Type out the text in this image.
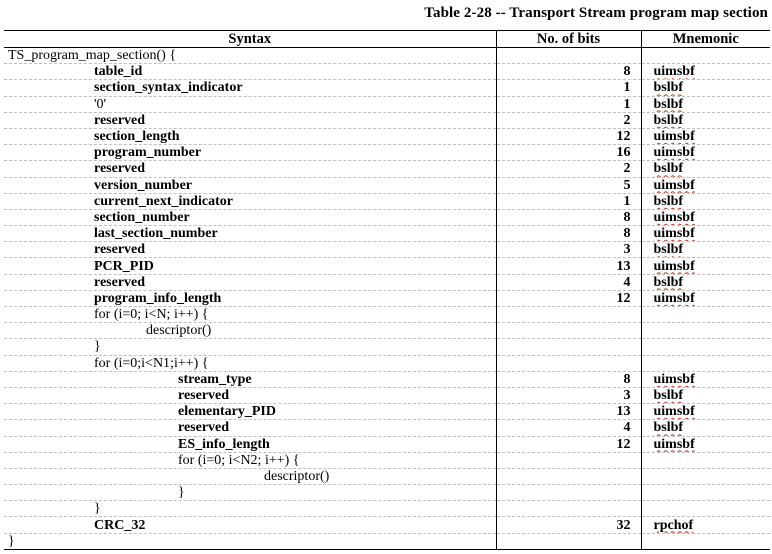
Table 2-28 -- Transport Stream program map section
Syntax	No. of bits	Mnemonic
TS_program_map_section() {		
table_id	8	uimsbf
section_syntax_indicator	1	bslbf
'0'	1	bslbf
reserved	2	bslbf
section_length	12	uimsbf
program_number	16	uimsbf
reserved	2	bslbf
version_number	5	uimsbf
current_next_indicator	1	bslbf
section_number	8	uimsbf
last_section_number	8	uimsbf
reserved	3	bslbf
PCR_PID	13	uimsbf
reserved	4	bslbf
program_info_length	12	uimsbf
for (i=0; i<N; i++) {		
descriptor()		
}		
for (i=0;i<N1;i++) {		
stream_type	8	uimsbf
reserved	3	bslbf
elementary_PID	13	uimsbf
reserved	4	bslbf
ES_info_length	12	uimsbf
for (i=0; i<N2; i++) {		
descriptor()		
}		
}		
CRC_32	32	rpchof
}		
